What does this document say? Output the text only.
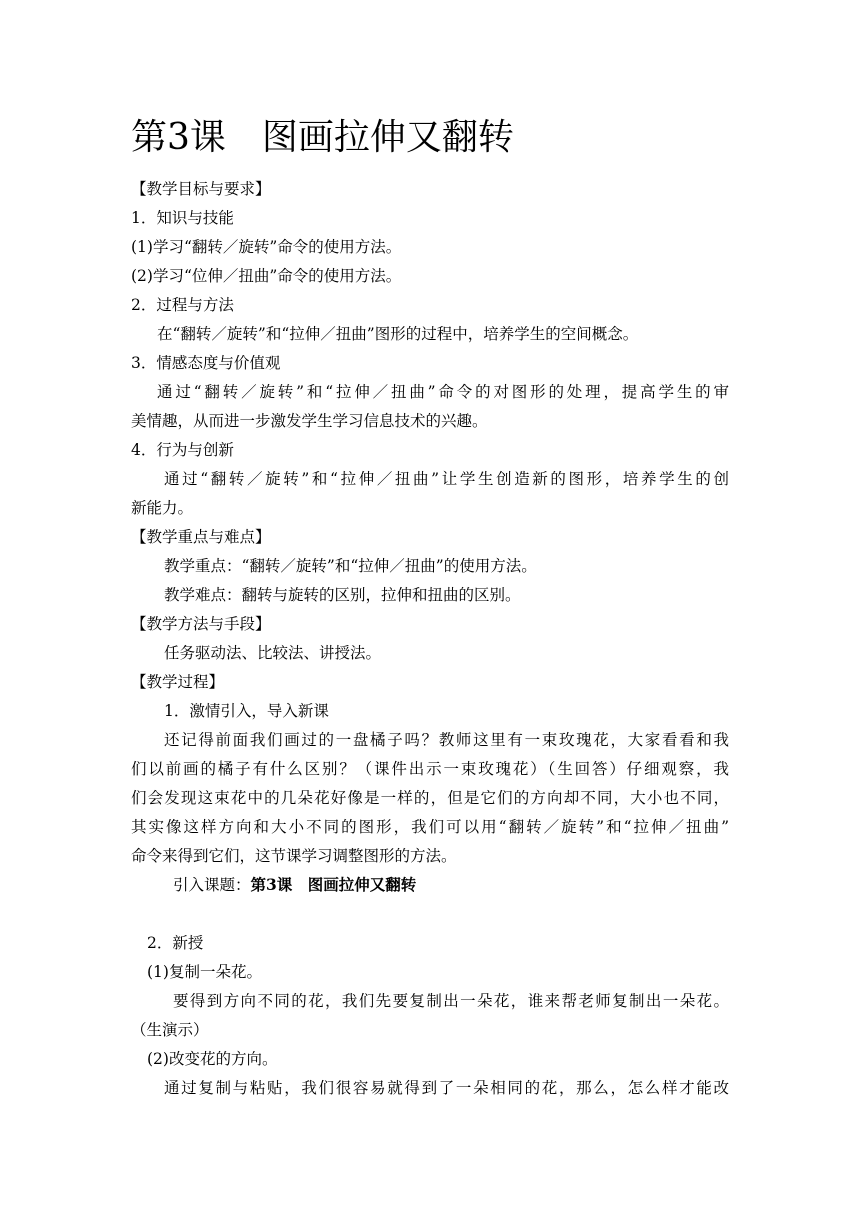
第3课　图画拉伸又翻转
【教学目标与要求】
1．知识与技能
(1)学习“翻转／旋转”命令的使用方法。
(2)学习“位伸／扭曲”命令的使用方法。
2．过程与方法
在“翻转／旋转”和“拉伸／扭曲”图形的过程中，培养学生的空间概念。
3．情感态度与价值观
通过“翻转／旋转”和“拉伸／扭曲”命令的对图形的处理，提高学生的审
美情趣，从而进一步激发学生学习信息技术的兴趣。
4．行为与创新
通过“翻转／旋转”和“拉伸／扭曲”让学生创造新的图形，培养学生的创
新能力。
【教学重点与难点】
教学重点：“翻转／旋转”和“拉伸／扭曲”的使用方法。
教学难点：翻转与旋转的区别，拉伸和扭曲的区别。
【教学方法与手段】
任务驱动法、比较法、讲授法。
【教学过程】
1．激情引入，导入新课
还记得前面我们画过的一盘橘子吗？教师这里有一束玫瑰花，大家看看和我
们以前画的橘子有什么区别？（课件出示一束玫瑰花）（生回答）仔细观察，我
们会发现这束花中的几朵花好像是一样的，但是它们的方向却不同，大小也不同，
其实像这样方向和大小不同的图形，我们可以用“翻转／旋转”和“拉伸／扭曲”
命令来得到它们，这节课学习调整图形的方法。
引入课题：第3课　图画拉伸又翻转
2．新授
(1)复制一朵花。
要得到方向不同的花，我们先要复制出一朵花，谁来帮老师复制出一朵花。
（生演示）
(2)改变花的方向。
通过复制与粘贴，我们很容易就得到了一朵相同的花，那么，怎么样才能改
